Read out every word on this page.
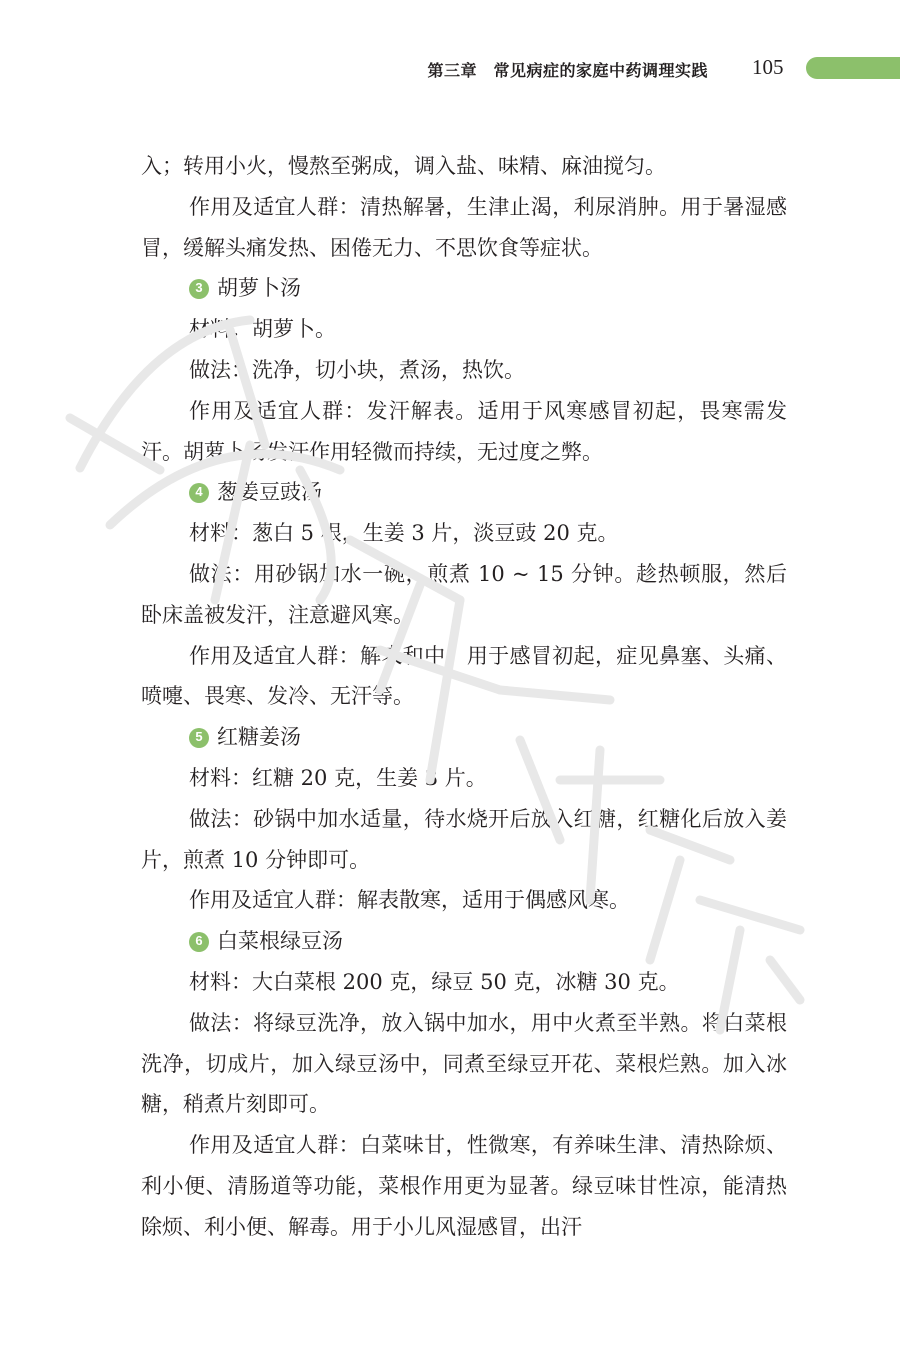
第三章　常见病症的家庭中药调理实践 105

入；转用小火，慢熬至粥成，调入盐、味精、麻油搅匀。

作用及适宜人群：清热解暑，生津止渴，利尿消肿。用于暑湿感冒，缓解头痛发热、困倦无力、不思饮食等症状。

3 胡萝卜汤

材料：胡萝卜。

做法：洗净，切小块，煮汤，热饮。

作用及适宜人群：发汗解表。适用于风寒感冒初起，畏寒需发汗。胡萝卜汤发汗作用轻微而持续，无过度之弊。

4 葱姜豆豉汤

材料：葱白 5 根，生姜 3 片，淡豆豉 20 克。

做法：用砂锅加水一碗，煎煮 10 ~ 15 分钟。趁热顿服，然后卧床盖被发汗，注意避风寒。

作用及适宜人群：解表和中。用于感冒初起，症见鼻塞、头痛、喷嚏、畏寒、发冷、无汗等。

5 红糖姜汤

材料：红糖 20 克，生姜 3 片。

做法：砂锅中加水适量，待水烧开后放入红糖，红糖化后放入姜片，煎煮 10 分钟即可。

作用及适宜人群：解表散寒，适用于偶感风寒。

6 白菜根绿豆汤

材料：大白菜根 200 克，绿豆 50 克，冰糖 30 克。

做法：将绿豆洗净，放入锅中加水，用中火煮至半熟。将白菜根洗净，切成片，加入绿豆汤中，同煮至绿豆开花、菜根烂熟。加入冰糖，稍煮片刻即可。

作用及适宜人群：白菜味甘，性微寒，有养味生津、清热除烦、利小便、清肠道等功能，菜根作用更为显著。绿豆味甘性凉，能清热除烦、利小便、解毒。用于小儿风湿感冒，出汗
